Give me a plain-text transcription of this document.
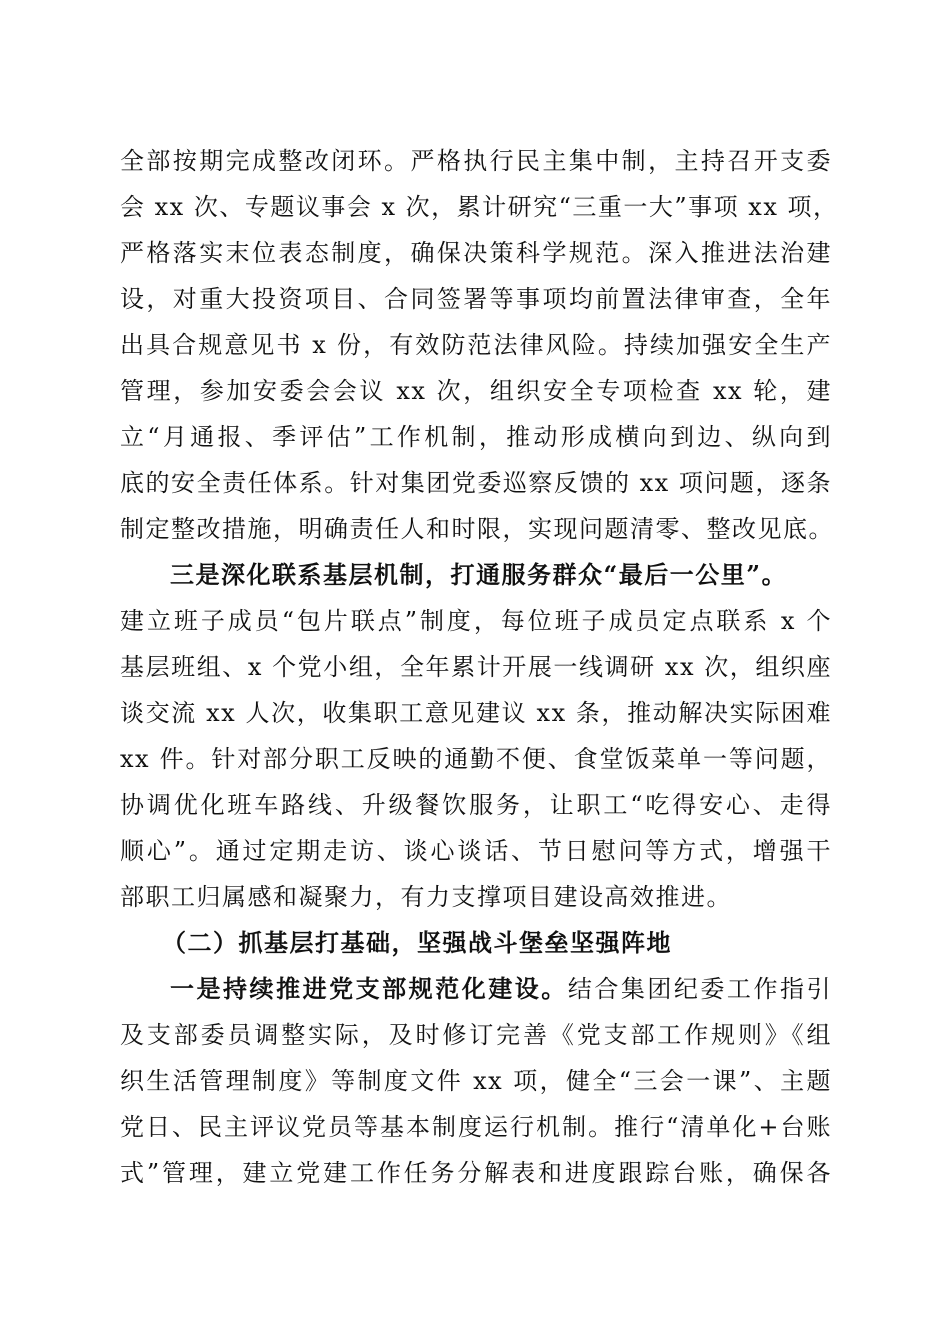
全部按期完成整改闭环。严格执行民主集中制，主持召开支委
会 xx 次、专题议事会 x 次，累计研究“三重一大”事项 xx 项，
严格落实末位表态制度，确保决策科学规范。深入推进法治建
设，对重大投资项目、合同签署等事项均前置法律审查，全年
出具合规意见书 x 份，有效防范法律风险。持续加强安全生产
管理，参加安委会会议 xx 次，组织安全专项检查 xx 轮，建
立“月通报、季评估”工作机制，推动形成横向到边、纵向到
底的安全责任体系。针对集团党委巡察反馈的 xx 项问题，逐条
制定整改措施，明确责任人和时限，实现问题清零、整改见底。

三是深化联系基层机制，打通服务群众“最后一公里”。
建立班子成员“包片联点”制度，每位班子成员定点联系 x 个
基层班组、x 个党小组，全年累计开展一线调研 xx 次，组织座
谈交流 xx 人次，收集职工意见建议 xx 条，推动解决实际困难
xx 件。针对部分职工反映的通勤不便、食堂饭菜单一等问题，
协调优化班车路线、升级餐饮服务，让职工“吃得安心、走得
顺心”。通过定期走访、谈心谈话、节日慰问等方式，增强干
部职工归属感和凝聚力，有力支撑项目建设高效推进。

（二）抓基层打基础，坚强战斗堡垒坚强阵地

一是持续推进党支部规范化建设。结合集团纪委工作指引
及支部委员调整实际，及时修订完善《党支部工作规则》《组
织生活管理制度》等制度文件 xx 项，健全“三会一课”、主题
党日、民主评议党员等基本制度运行机制。推行“清单化+台账
式”管理，建立党建工作任务分解表和进度跟踪台账，确保各
